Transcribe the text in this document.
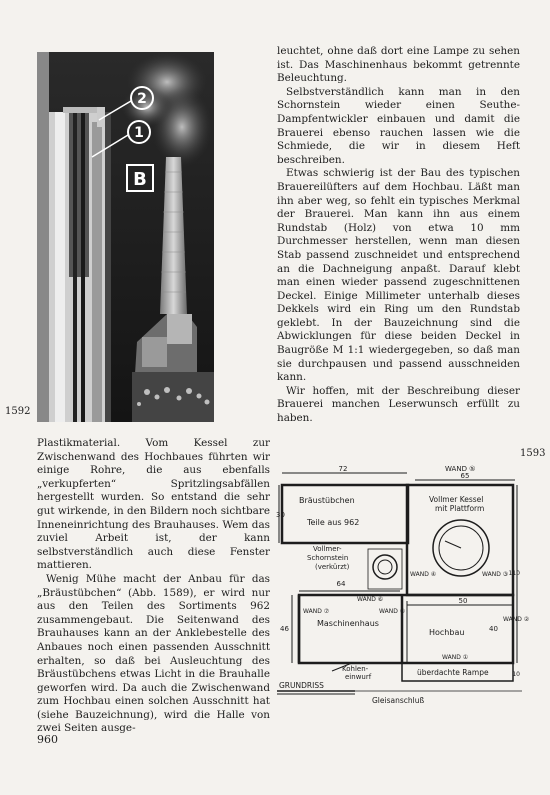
2
1
B
1592
1593

leuchtet, ohne daß dort eine Lampe zu sehen ist. Das Maschinenhaus bekommt getrennte Beleuchtung.

Selbstverständlich kann man in den Schornstein wieder einen Seuthe-Dampfentwickler einbauen und damit die Brauerei ebenso rauchen lassen wie die Schmiede, die wir in diesem Heft beschreiben.

Etwas schwierig ist der Bau des typischen Brauereilüfters auf dem Hochbau. Läßt man ihn aber weg, so fehlt ein typisches Merkmal der Brauerei. Man kann ihn aus einem Rundstab (Holz) von etwa 10 mm Durchmesser herstellen, wenn man diesen Stab passend zuschneidet und entsprechend an die Dachneigung anpaßt. Darauf klebt man einen wieder passend zugeschnittenen Deckel. Einige Millimeter unterhalb dieses Dekkels wird ein Ring um den Rundstab geklebt. In der Bauzeichnung sind die Abwicklungen für diese beiden Deckel in Baugröße M 1:1 wiedergegeben, so daß man sie durchpausen und passend ausschneiden kann.

Wir hoffen, mit der Beschreibung dieser Brauerei manchen Leserwunsch erfüllt zu haben.

Plastikmaterial. Vom Kessel zur Zwischenwand des Hochbaues führten wir einige Rohre, die aus ebenfalls „verkupferten“ Spritzlingsabfällen hergestellt wurden. So entstand die sehr gut wirkende, in den Bildern noch sichtbare Inneneinrichtung des Brauhauses. Wem das zuviel Arbeit ist, der kann selbstverständlich auch diese Fenster mattieren.

Wenig Mühe macht der Anbau für das „Bräustübchen“ (Abb. 1589), er wird nur aus den Teilen des Sortiments 962 zusammengebaut. Die Seitenwand des Brauhauses kann an der Anklebestelle des Anbaues noch einen passenden Ausschnitt erhalten, so daß bei Ausleuchtung des Bräustübchens etwas Licht in die Brauhalle geworfen wird. Da auch die Zwischenwand zum Hochbau einen solchen Ausschnitt hat (siehe Bauzeichnung), wird die Halle von zwei Seiten ausge-

72
65
WAND ⑤
30
Bräustübchen
Teile aus 962
Vollmer Kessel
mit Plattform
Vollmer-
Schornstein
(verkürzt)
64
WAND ⑥
WAND ④	WAND ③
WAND ②
50
WAND ⑦	WAND ⑧
Maschinenhaus
Hochbau
46	40
110
10
WAND ①
Kohlen-
einwurf	überdachte Rampe
GRUNDRISS
Gleisanschluß
960
